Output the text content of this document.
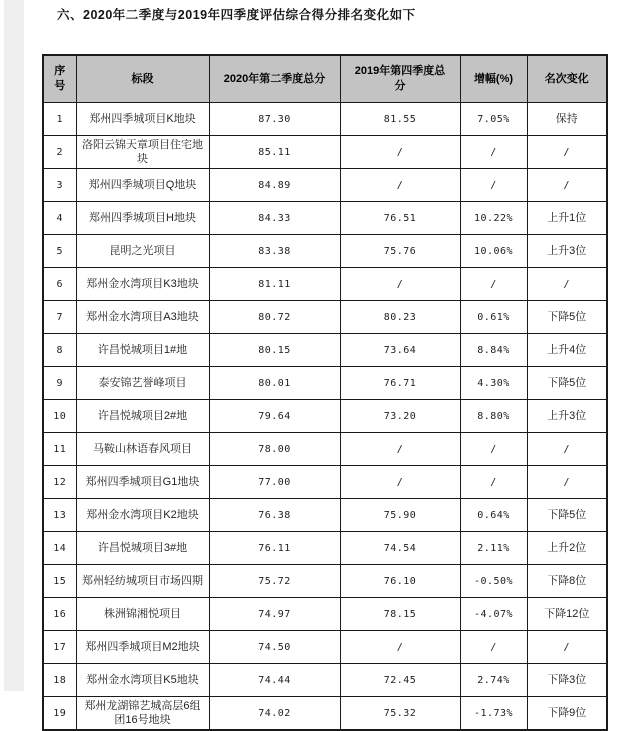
六、2020年二季度与2019年四季度评估综合得分排名变化如下
序号	标段	2020年第二季度总分	2019年第四季度总分	增幅(%)	名次变化
1	郑州四季城项目K地块	87.30	81.55	7.05%	保持
2	洛阳云锦天章项目住宅地块	85.11	/	/	/
3	郑州四季城项目Q地块	84.89	/	/	/
4	郑州四季城项目H地块	84.33	76.51	10.22%	上升1位
5	昆明之光项目	83.38	75.76	10.06%	上升3位
6	郑州金水湾项目K3地块	81.11	/	/	/
7	郑州金水湾项目A3地块	80.72	80.23	0.61%	下降5位
8	许昌悦城项目1#地	80.15	73.64	8.84%	上升4位
9	泰安锦艺誉峰项目	80.01	76.71	4.30%	下降5位
10	许昌悦城项目2#地	79.64	73.20	8.80%	上升3位
11	马鞍山林语春风项目	78.00	/	/	/
12	郑州四季城项目G1地块	77.00	/	/	/
13	郑州金水湾项目K2地块	76.38	75.90	0.64%	下降5位
14	许昌悦城项目3#地	76.11	74.54	2.11%	上升2位
15	郑州轻纺城项目市场四期	75.72	76.10	-0.50%	下降8位
16	株洲锦湘悦项目	74.97	78.15	-4.07%	下降12位
17	郑州四季城项目M2地块	74.50	/	/	/
18	郑州金水湾项目K5地块	74.44	72.45	2.74%	下降3位
19	郑州龙湖锦艺城高层6组团16号地块	74.02	75.32	-1.73%	下降9位
